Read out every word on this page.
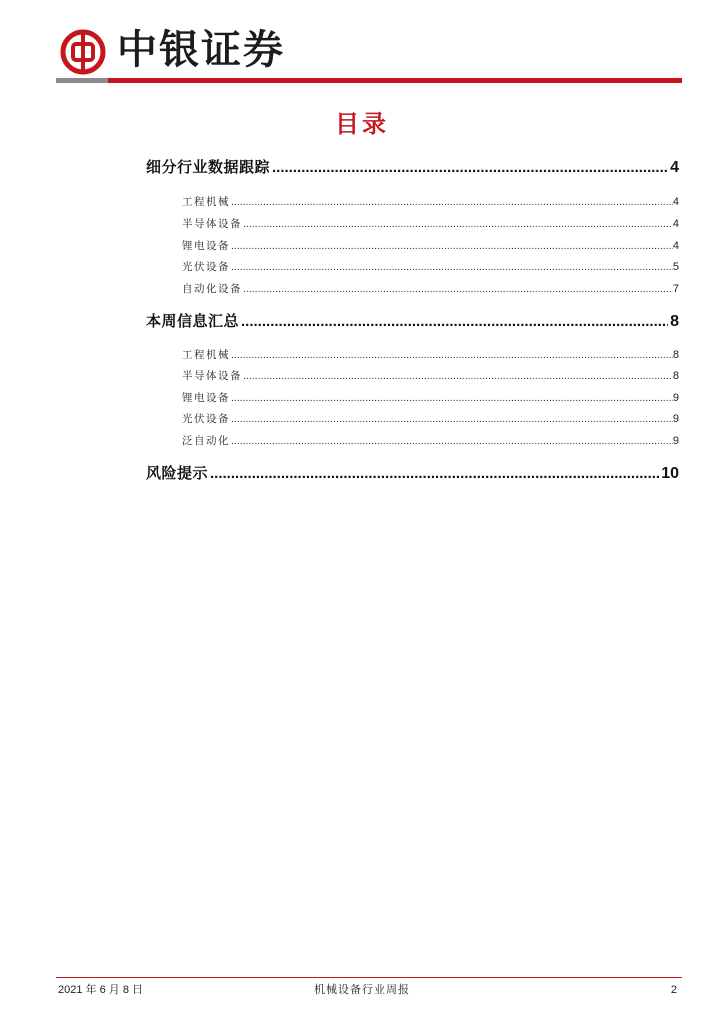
中银证券
目录
细分行业数据跟踪 .....	4
工程机械 .....	4
半导体设备 .....	4
锂电设备 .....	4
光伏设备 .....	5
自动化设备 .....	7
本周信息汇总 .....	8
工程机械 .....	8
半导体设备 .....	8
锂电设备 .....	9
光伏设备 .....	9
泛自动化 .....	9
风险提示 .....	10
2021 年 6 月 8 日	机械设备行业周报	2
